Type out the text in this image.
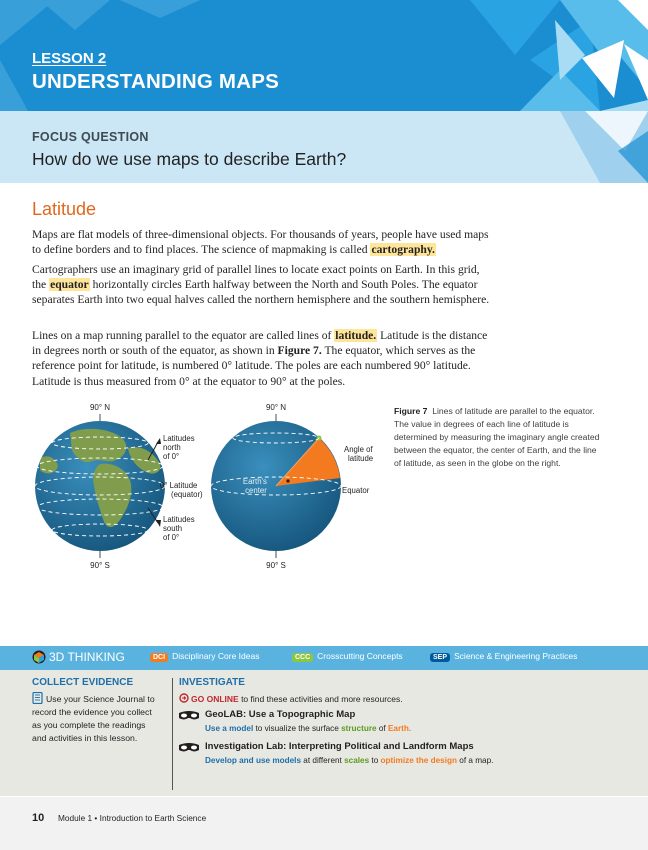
LESSON 2
UNDERSTANDING MAPS
FOCUS QUESTION
How do we use maps to describe Earth?
Latitude
Maps are flat models of three-dimensional objects. For thousands of years, people have used maps to define borders and to find places. The science of mapmaking is called cartography.
Cartographers use an imaginary grid of parallel lines to locate exact points on Earth. In this grid, the equator horizontally circles Earth halfway between the North and South Poles. The equator separates Earth into two equal halves called the northern hemisphere and the southern hemisphere.
Lines on a map running parallel to the equator are called lines of latitude. Latitude is the distance in degrees north or south of the equator, as shown in Figure 7. The equator, which serves as the reference point for latitude, is numbered 0° latitude. The poles are each numbered 90° latitude. Latitude is thus measured from 0° at the equator to 90° at the poles.
90° N
90° S
Latitudes north of 0°
0° Latitude (equator)
Latitudes south of 0°
90° N
90° S
Earth's center
Angle of latitude
Equator
Figure 7 Lines of latitude are parallel to the equator. The value in degrees of each line of latitude is determined by measuring the imaginary angle created between the equator, the center of Earth, and the line of latitude, as seen in the globe on the right.
3D THINKING	DCI Disciplinary Core Ideas	CCC Crosscutting Concepts	SEP Science & Engineering Practices
COLLECT EVIDENCE
Use your Science Journal to record the evidence you collect as you complete the readings and activities in this lesson.
INVESTIGATE
GO ONLINE to find these activities and more resources.
GeoLAB: Use a Topographic Map
Use a model to visualize the surface structure of Earth.
Investigation Lab: Interpreting Political and Landform Maps
Develop and use models at different scales to optimize the design of a map.
10 Module 1 • Introduction to Earth Science
